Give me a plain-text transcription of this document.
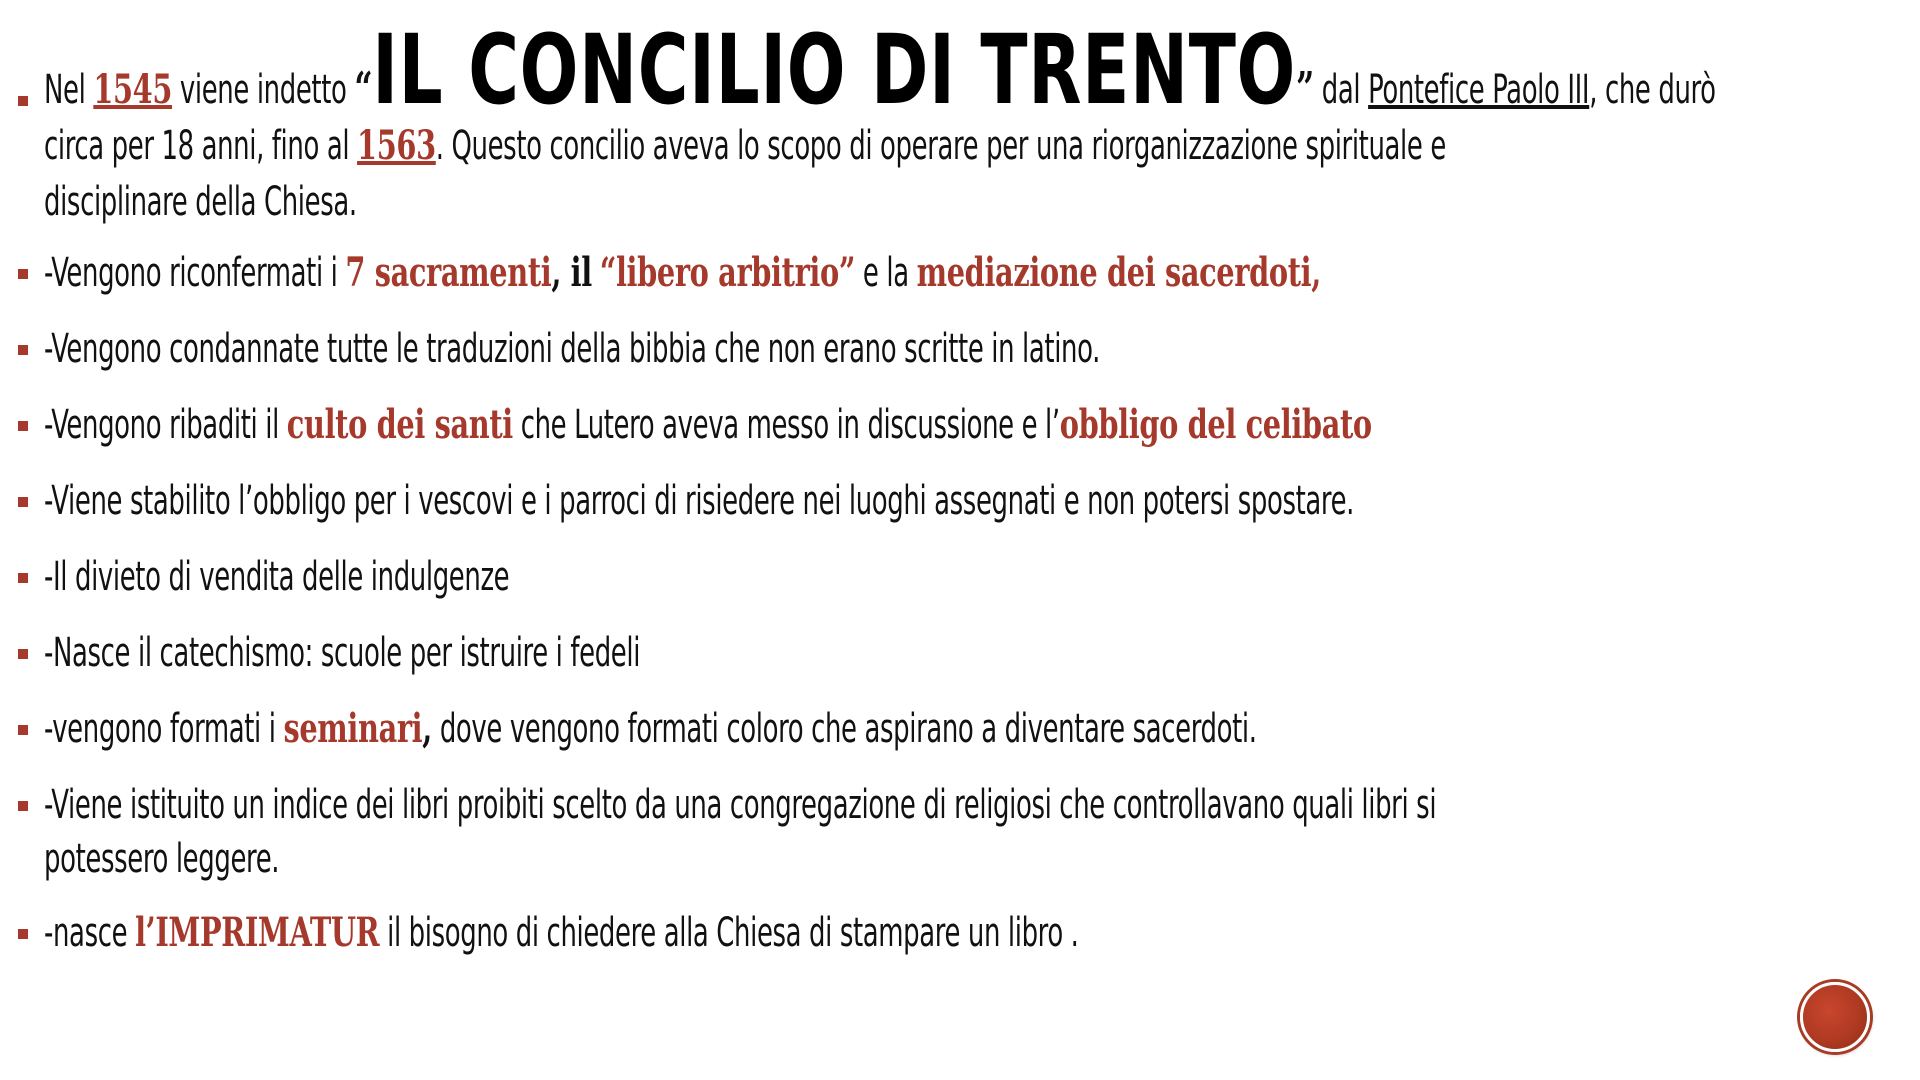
Nel 1545 viene indetto “IL CONCILIO DI TRENTO” dal Pontefice Paolo III, che durò
circa per 18 anni, fino al 1563. Questo concilio aveva lo scopo di operare per una riorganizzazione spirituale e
disciplinare della Chiesa.
-Vengono riconfermati i 7 sacramenti, il “libero arbitrio” e la mediazione dei sacerdoti,
-Vengono condannate tutte le traduzioni della bibbia che non erano scritte in latino.
-Vengono ribaditi il culto dei santi che Lutero aveva messo in discussione e l’obbligo del celibato
-Viene stabilito l’obbligo per i vescovi e i parroci di risiedere nei luoghi assegnati e non potersi spostare.
-Il divieto di vendita delle indulgenze
-Nasce il catechismo: scuole per istruire i fedeli
-vengono formati i seminari, dove vengono formati coloro che aspirano a diventare sacerdoti.
-Viene istituito un indice dei libri proibiti scelto da una congregazione di religiosi che controllavano quali libri si
potessero leggere.
-nasce l’IMPRIMATUR il bisogno di chiedere alla Chiesa di stampare un libro .
